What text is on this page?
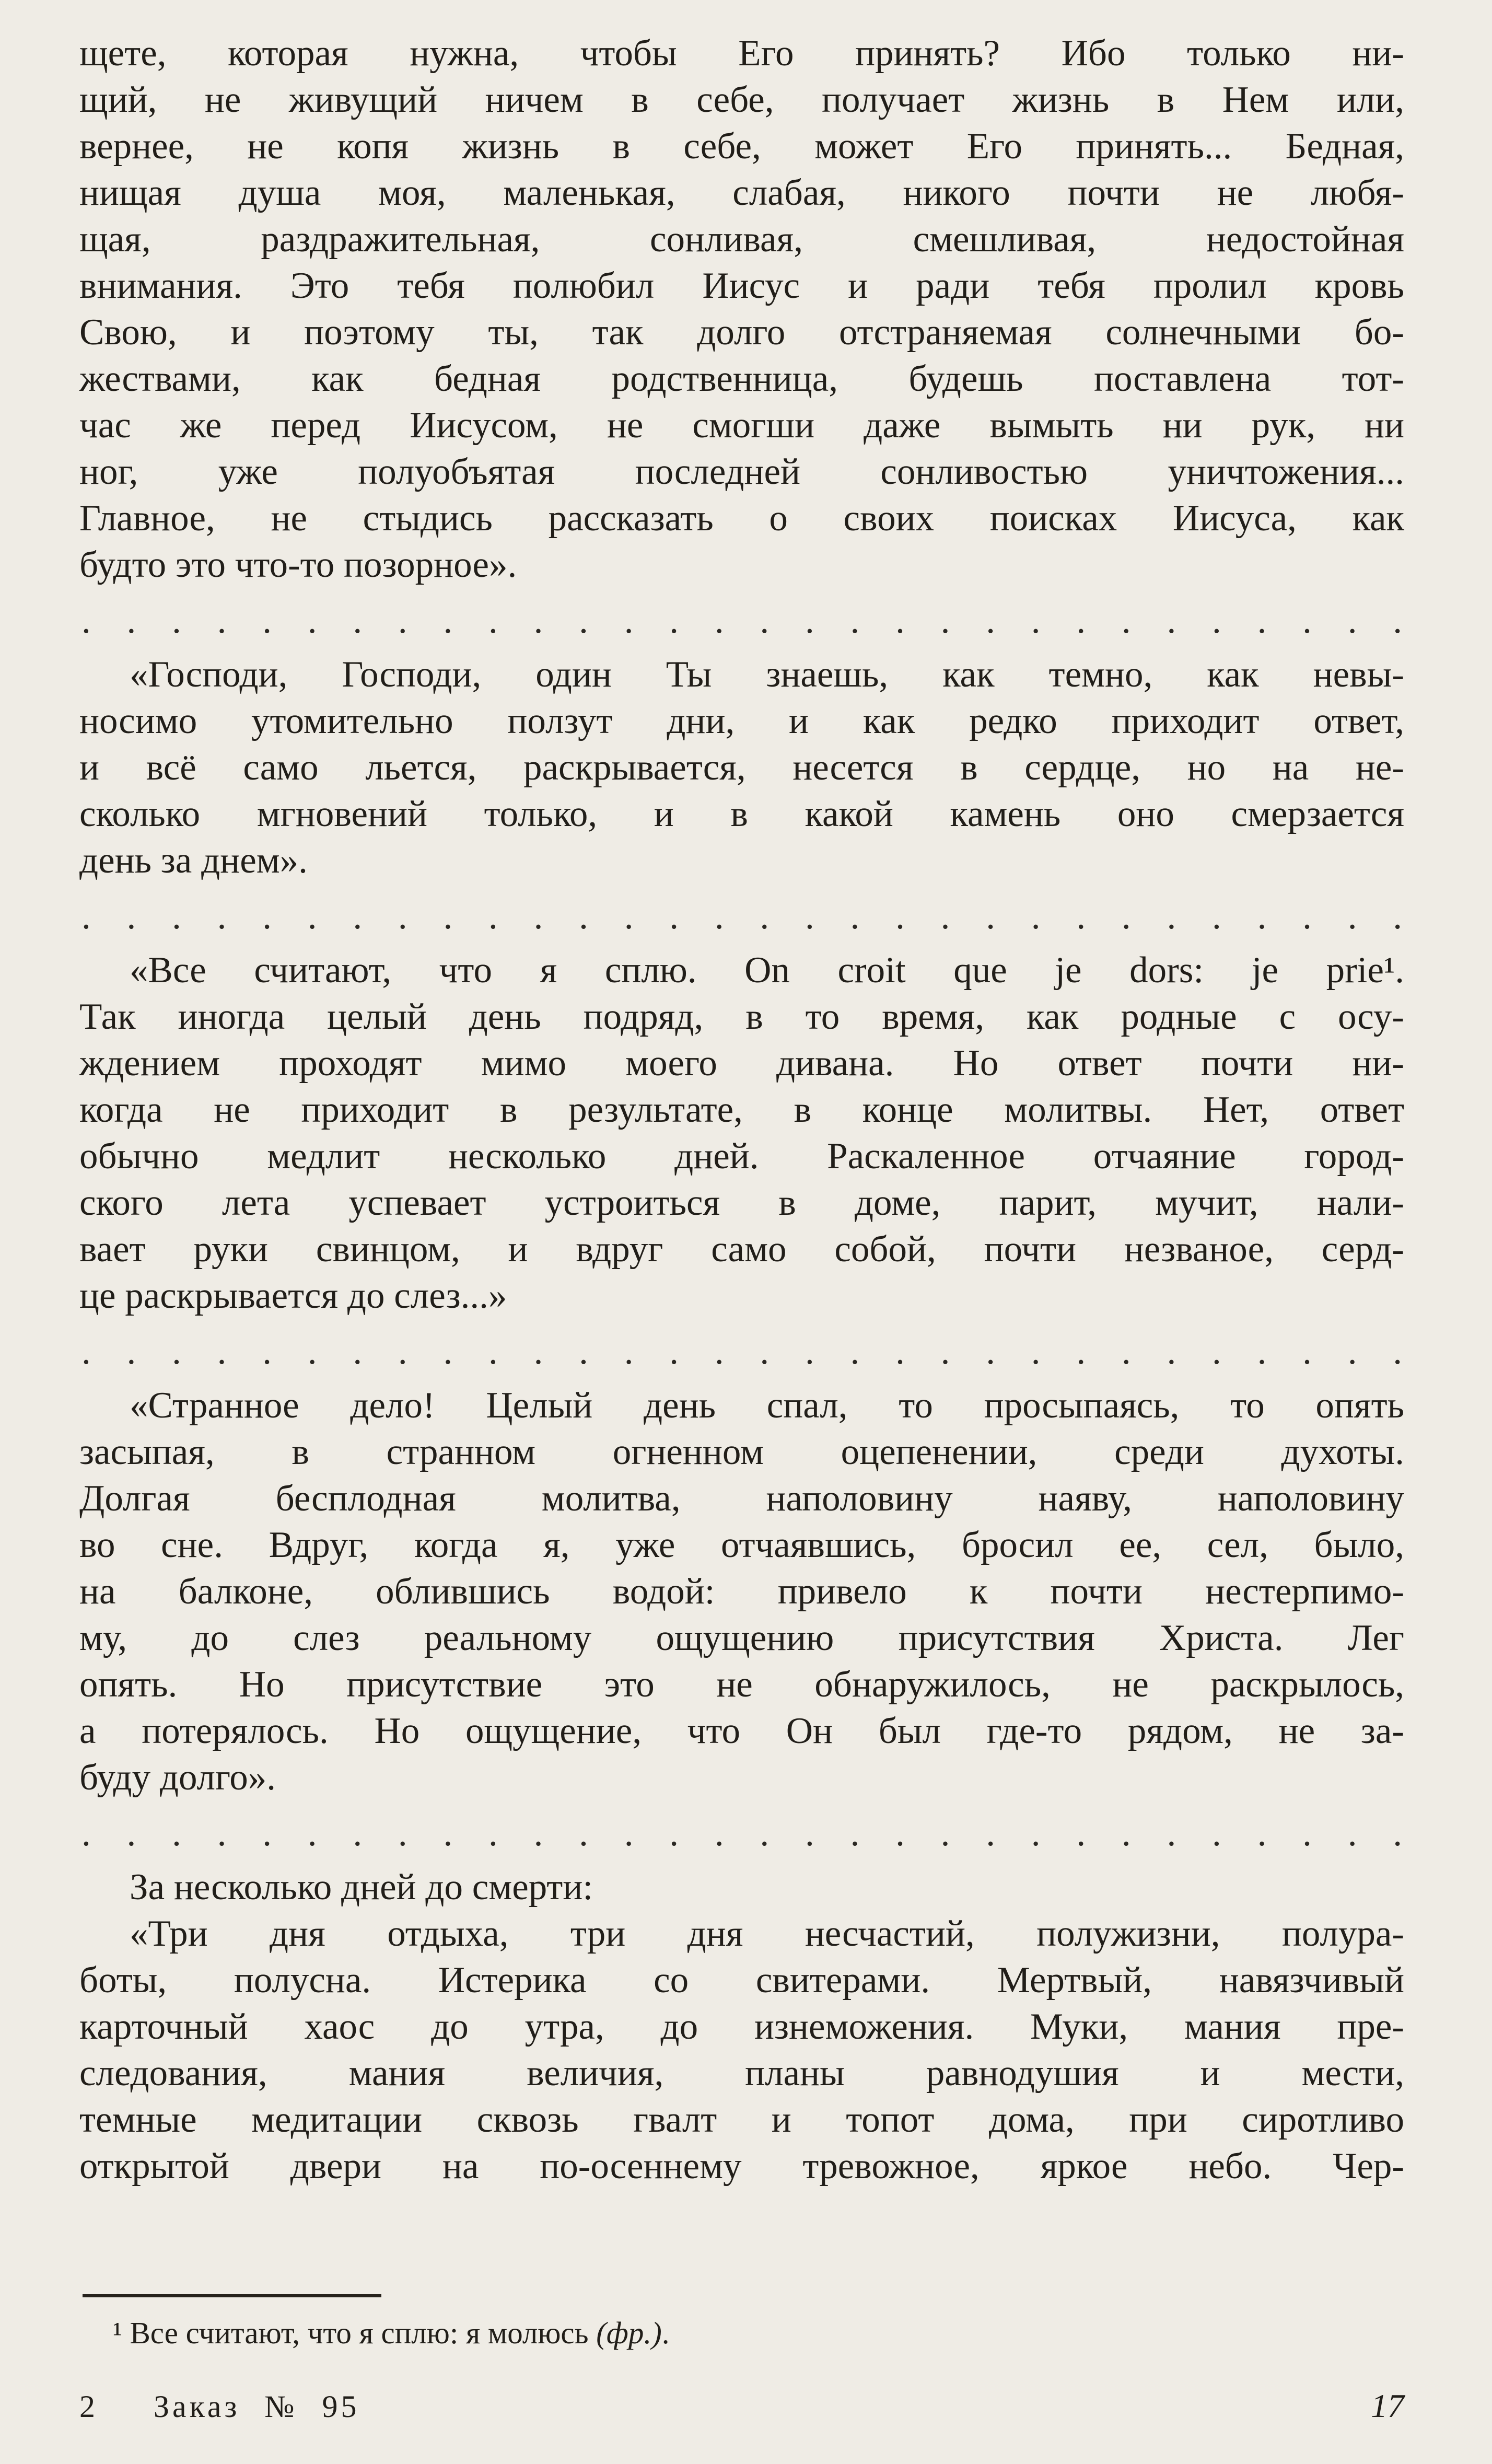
щете, которая нужна, чтобы Его принять? Ибо только ни-
щий, не живущий ничем в себе, получает жизнь в Нем или,
вернее, не копя жизнь в себе, может Его принять... Бедная,
нищая душа моя, маленькая, слабая, никого почти не любя-
щая, раздражительная, сонливая, смешливая, недостойная
внимания. Это тебя полюбил Иисус и ради тебя пролил кровь
Свою, и поэтому ты, так долго отстраняемая солнечными бо-
жествами, как бедная родственница, будешь поставлена тот-
час же перед Иисусом, не смогши даже вымыть ни рук, ни
ног, уже полуобъятая последней сонливостью уничтожения...
Главное, не стыдись рассказать о своих поисках Иисуса, как
будто это что-то позорное».
. . . . . . . . . . . . . . . . . . . . . . . . . . . . . .
«Господи, Господи, один Ты знаешь, как темно, как невы-
носимо утомительно ползут дни, и как редко приходит ответ,
и всё само льется, раскрывается, несется в сердце, но на не-
сколько мгновений только, и в какой камень оно смерзается
день за днем».
. . . . . . . . . . . . . . . . . . . . . . . . . . . . . .
«Все считают, что я сплю. On croit que je dors: je prie¹.
Так иногда целый день подряд, в то время, как родные с осу-
ждением проходят мимо моего дивана. Но ответ почти ни-
когда не приходит в результате, в конце молитвы. Нет, ответ
обычно медлит несколько дней. Раскаленное отчаяние город-
ского лета успевает устроиться в доме, парит, мучит, нали-
вает руки свинцом, и вдруг само собой, почти незваное, серд-
це раскрывается до слез...»
. . . . . . . . . . . . . . . . . . . . . . . . . . . . . .
«Странное дело! Целый день спал, то просыпаясь, то опять
засыпая, в странном огненном оцепенении, среди духоты.
Долгая бесплодная молитва, наполовину наяву, наполовину
во сне. Вдруг, когда я, уже отчаявшись, бросил ее, сел, было,
на балконе, облившись водой: привело к почти нестерпимо-
му, до слез реальному ощущению присутствия Христа. Лег
опять. Но присутствие это не обнаружилось, не раскрылось,
а потерялось. Но ощущение, что Он был где-то рядом, не за-
буду долго».
. . . . . . . . . . . . . . . . . . . . . . . . . . . . . .
За несколько дней до смерти:
«Три дня отдыха, три дня несчастий, полужизни, полура-
боты, полусна. Истерика со свитерами. Мертвый, навязчивый
карточный хаос до утра, до изнеможения. Муки, мания пре-
следования, мания величия, планы равнодушия и мести,
темные медитации сквозь гвалт и топот дома, при сиротливо
открытой двери на по-осеннему тревожное, яркое небо. Чер-

¹ Все считают, что я сплю: я молюсь (фр.).

2 Заказ № 95	17
